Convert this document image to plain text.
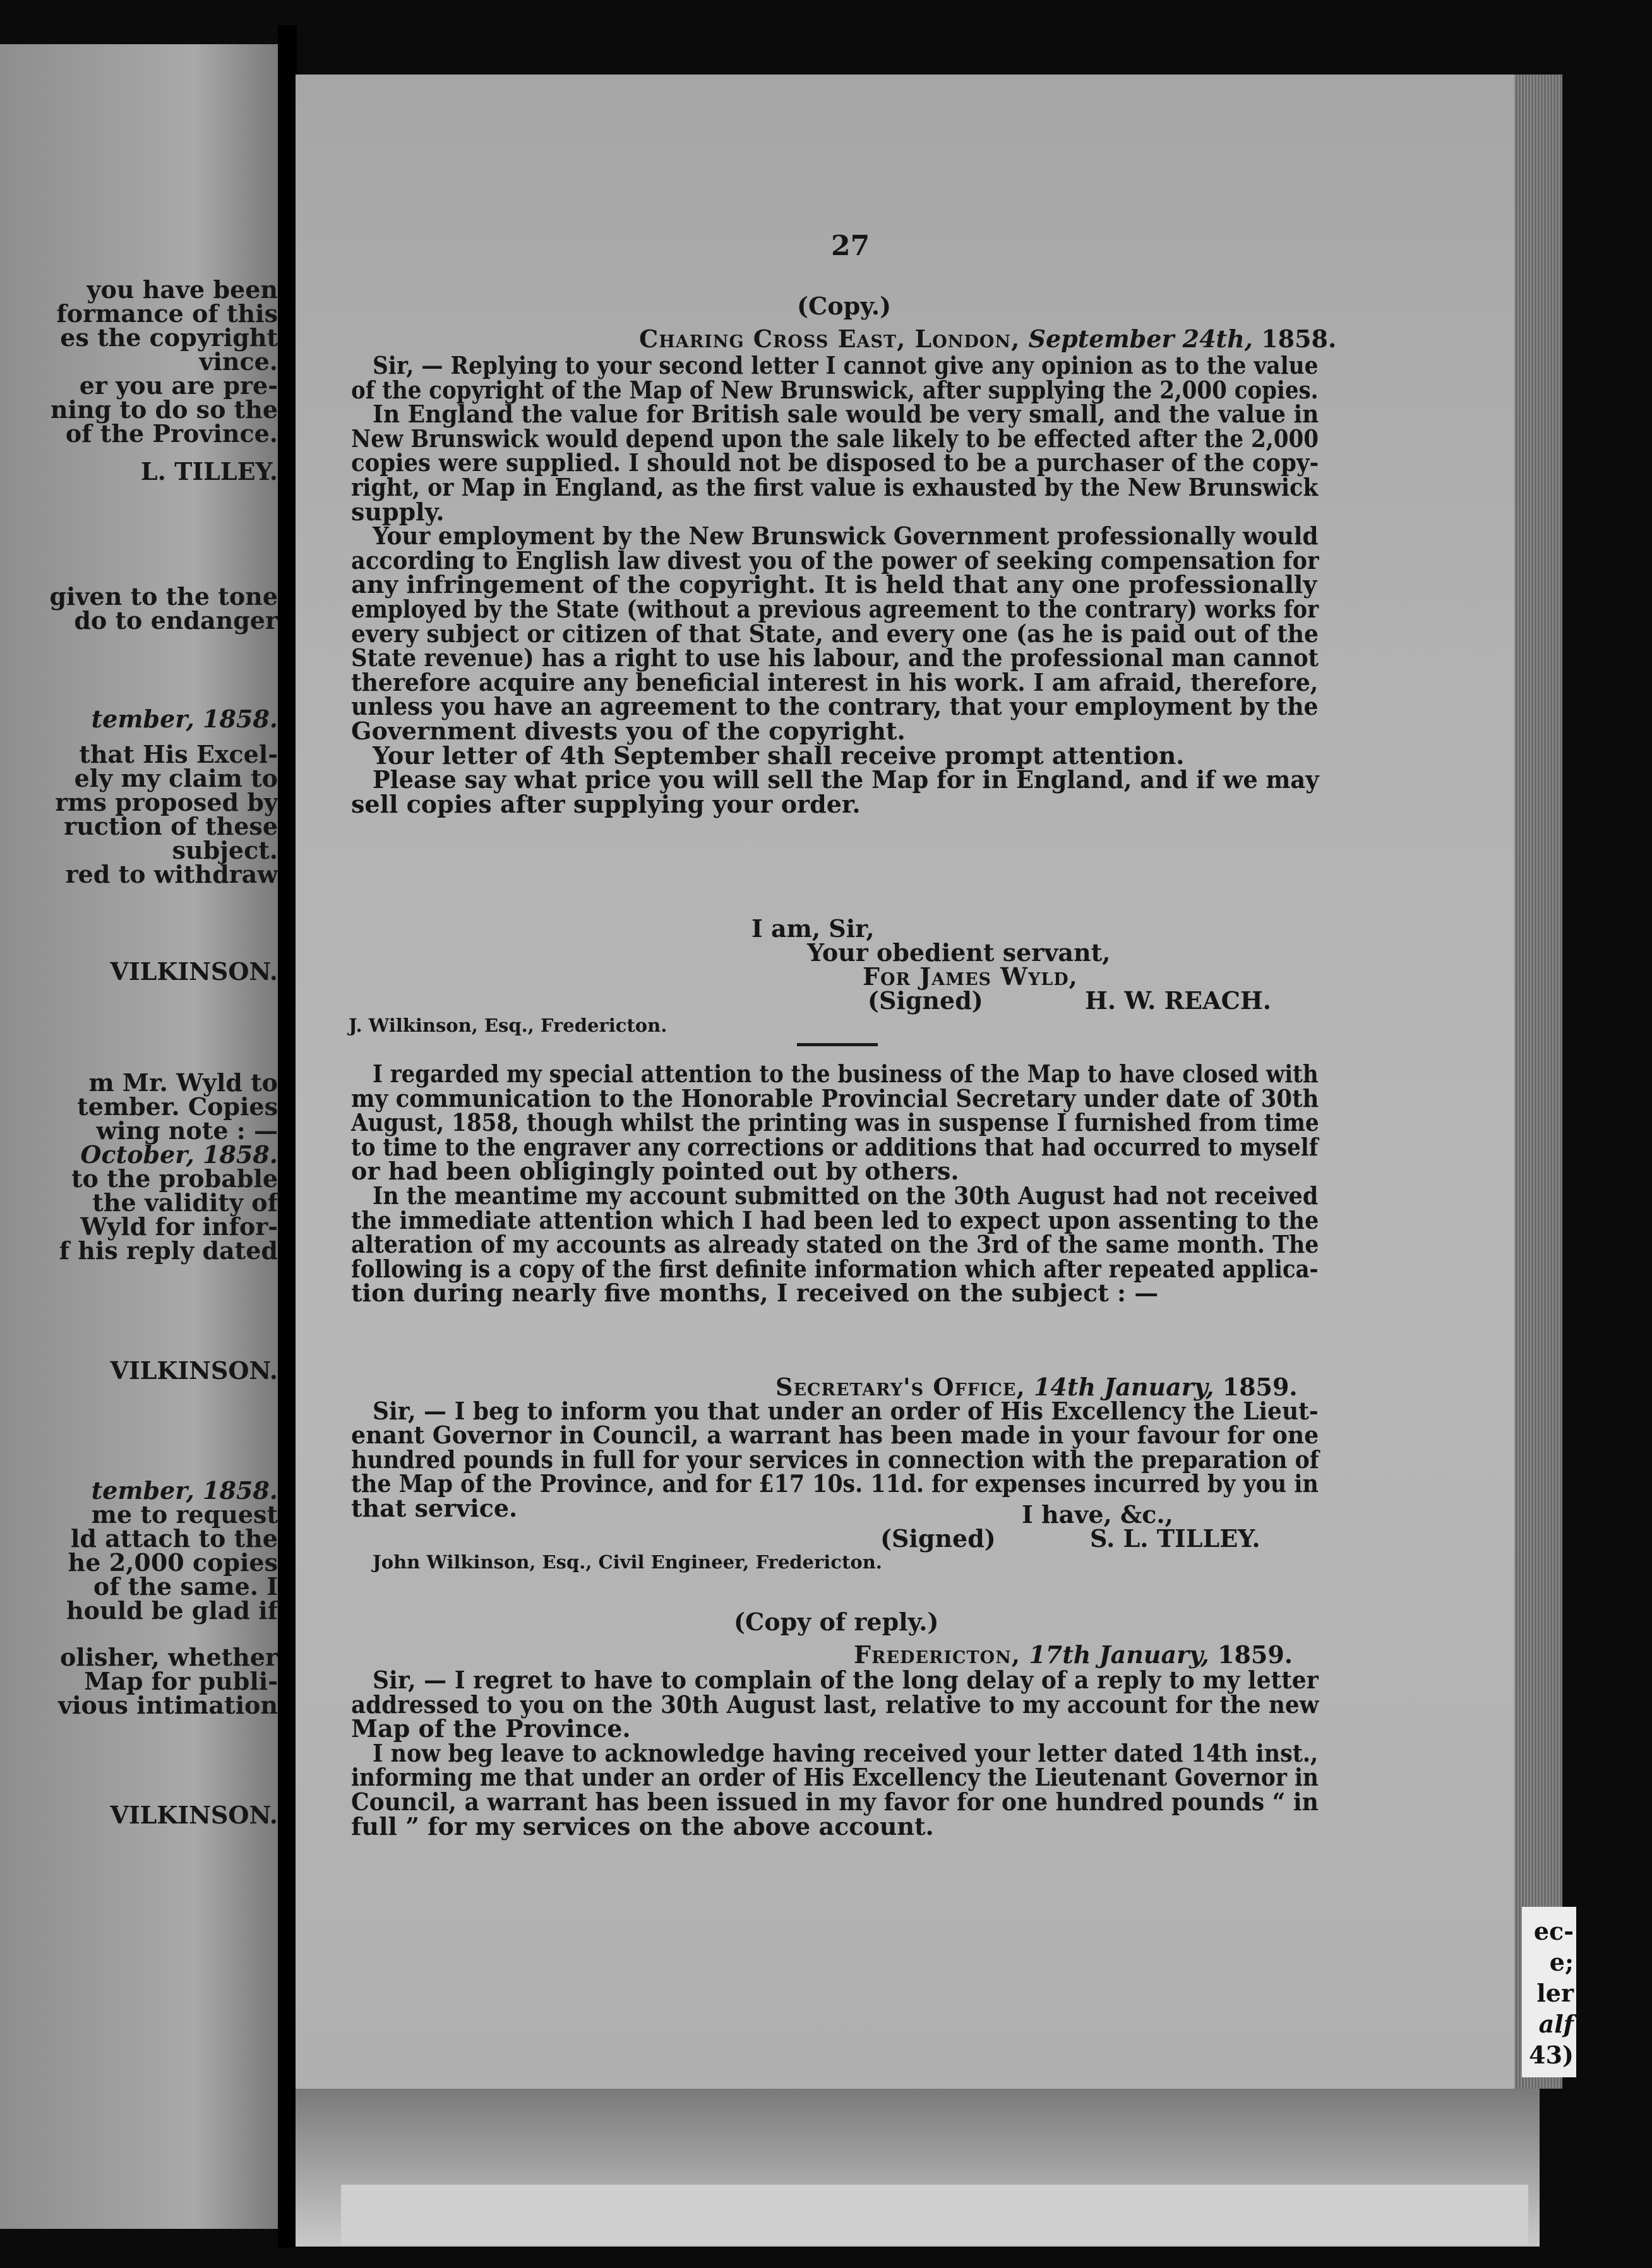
ec-
e;
ler
alf
43)
you have been
formance of this
es the copyright
vince.
er you are pre-
ning to do so the
of the Province.
L. TILLEY.
given to the tone
do to endanger
tember, 1858.
that His Excel-
ely my claim to
rms proposed by
ruction of these
subject.
red to withdraw
VILKINSON.
m Mr. Wyld to
tember. Copies
wing note : —
October, 1858.
to the probable
the validity of
Wyld for infor-
f his reply dated
VILKINSON.
tember, 1858.
me to request
ld attach to the
he 2,000 copies
of the same. I
hould be glad if
olisher, whether
Map for publi-
vious intimation
VILKINSON.
27
(Copy.)
Charing Cross East, London, September 24th, 1858.
Sir, — Replying to your second letter I cannot give any opinion as to the value
of the copyright of the Map of New Brunswick, after supplying the 2,000 copies.
In England the value for British sale would be very small, and the value in
New Brunswick would depend upon the sale likely to be effected after the 2,000
copies were supplied. I should not be disposed to be a purchaser of the copy-
right, or Map in England, as the first value is exhausted by the New Brunswick
supply.
Your employment by the New Brunswick Government professionally would
according to English law divest you of the power of seeking compensation for
any infringement of the copyright. It is held that any one professionally
employed by the State (without a previous agreement to the contrary) works for
every subject or citizen of that State, and every one (as he is paid out of the
State revenue) has a right to use his labour, and the professional man cannot
therefore acquire any beneficial interest in his work. I am afraid, therefore,
unless you have an agreement to the contrary, that your employment by the
Government divests you of the copyright.
Your letter of 4th September shall receive prompt attention.
Please say what price you will sell the Map for in England, and if we may
sell copies after supplying your order.
I am, Sir,
Your obedient servant,
For James Wyld,
(Signed)	H. W. REACH.
J. Wilkinson, Esq., Fredericton.
I regarded my special attention to the business of the Map to have closed with
my communication to the Honorable Provincial Secretary under date of 30th
August, 1858, though whilst the printing was in suspense I furnished from time
to time to the engraver any corrections or additions that had occurred to myself
or had been obligingly pointed out by others.
In the meantime my account submitted on the 30th August had not received
the immediate attention which I had been led to expect upon assenting to the
alteration of my accounts as already stated on the 3rd of the same month. The
following is a copy of the first definite information which after repeated applica-
tion during nearly five months, I received on the subject : —
Secretary's Office, 14th January, 1859.
Sir, — I beg to inform you that under an order of His Excellency the Lieut-
enant Governor in Council, a warrant has been made in your favour for one
hundred pounds in full for your services in connection with the preparation of
the Map of the Province, and for £17 10s. 11d. for expenses incurred by you in
that service.	I have, &c.,
(Signed)	S. L. TILLEY.
John Wilkinson, Esq., Civil Engineer, Fredericton.
(Copy of reply.)
Fredericton, 17th January, 1859.
Sir, — I regret to have to complain of the long delay of a reply to my letter
addressed to you on the 30th August last, relative to my account for the new
Map of the Province.
I now beg leave to acknowledge having received your letter dated 14th inst.,
informing me that under an order of His Excellency the Lieutenant Governor in
Council, a warrant has been issued in my favor for one hundred pounds “ in
full ” for my services on the above account.
